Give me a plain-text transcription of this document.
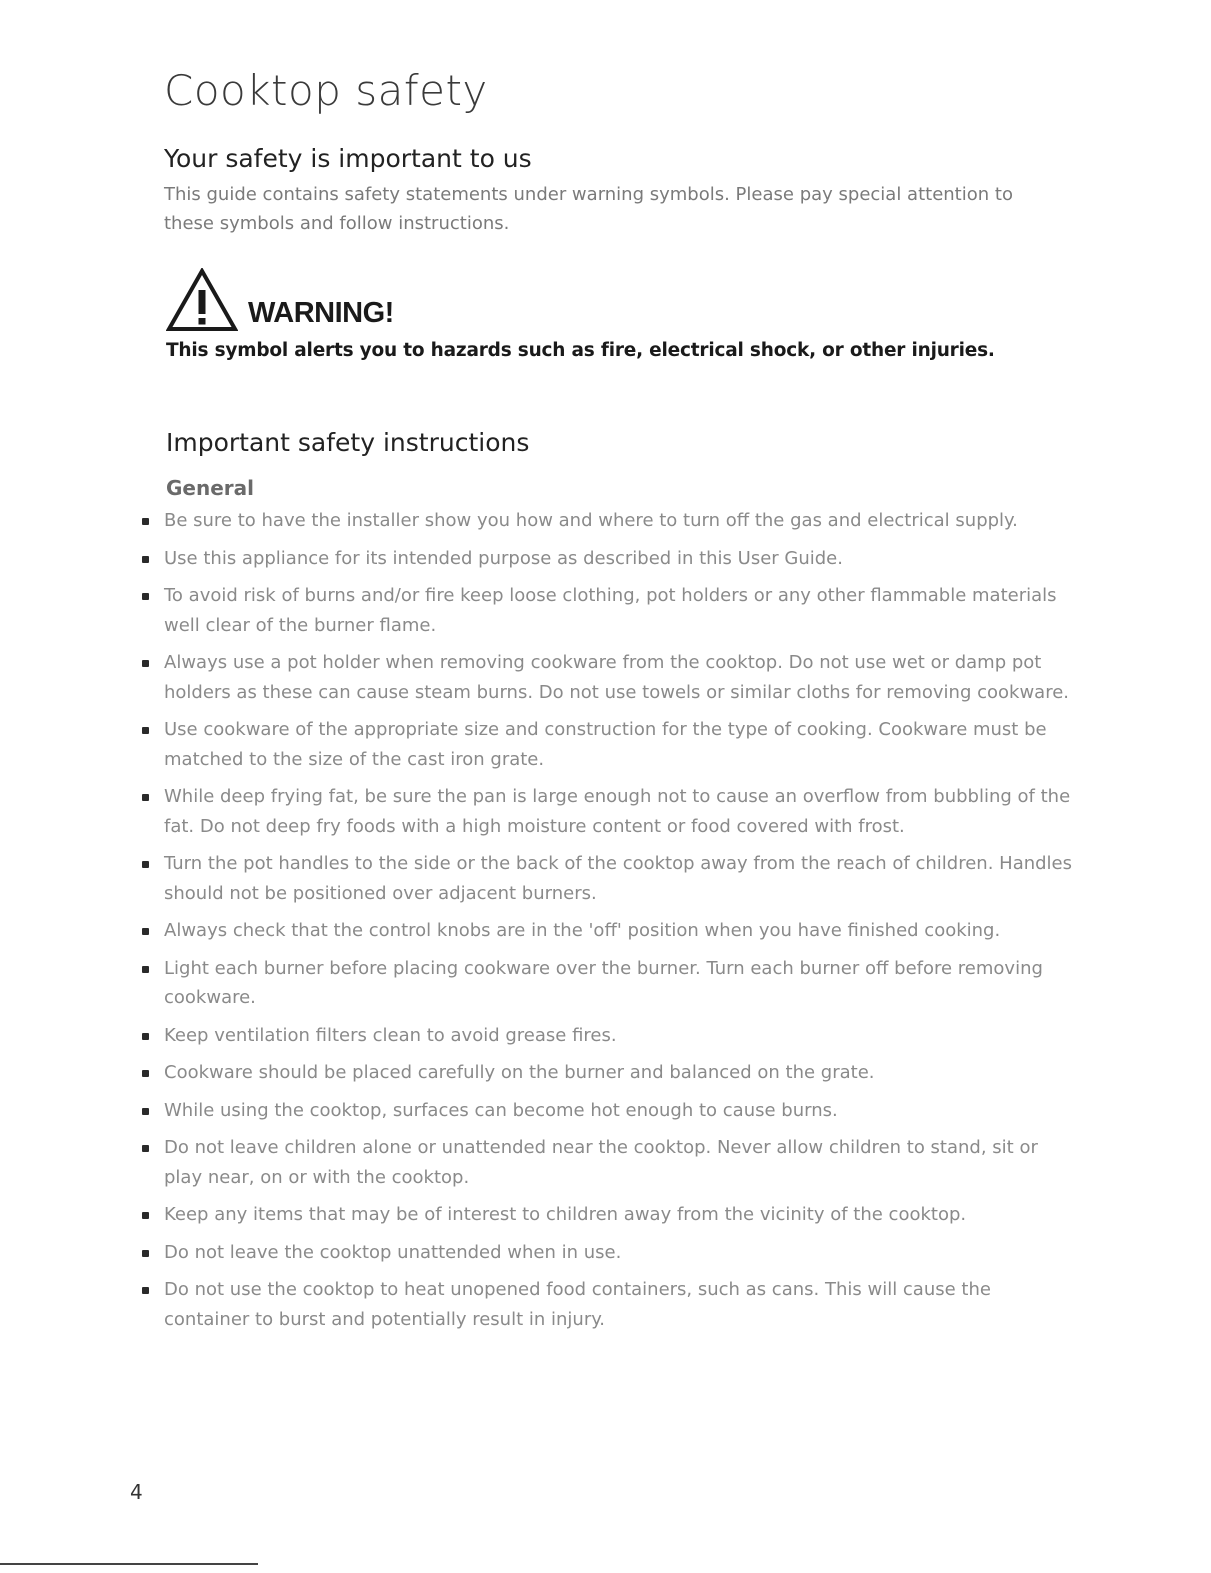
Cooktop safety
Your safety is important to us

This guide contains safety statements under warning symbols. Please pay special attention to these symbols and follow instructions.

WARNING!

This symbol alerts you to hazards such as fire, electrical shock, or other injuries.

Important safety instructions
General
Be sure to have the installer show you how and where to turn off the gas and electrical supply.
Use this appliance for its intended purpose as described in this User Guide.
To avoid risk of burns and/or fire keep loose clothing, pot holders or any other flammable materials well clear of the burner flame.
Always use a pot holder when removing cookware from the cooktop. Do not use wet or damp pot holders as these can cause steam burns. Do not use towels or similar cloths for removing cookware.
Use cookware of the appropriate size and construction for the type of cooking. Cookware must be matched to the size of the cast iron grate.
While deep frying fat, be sure the pan is large enough not to cause an overflow from bubbling of the fat. Do not deep fry foods with a high moisture content or food covered with frost.
Turn the pot handles to the side or the back of the cooktop away from the reach of children. Handles should not be positioned over adjacent burners.
Always check that the control knobs are in the 'off' position when you have finished cooking.
Light each burner before placing cookware over the burner. Turn each burner off before removing cookware.
Keep ventilation filters clean to avoid grease fires.
Cookware should be placed carefully on the burner and balanced on the grate.
While using the cooktop, surfaces can become hot enough to cause burns.
Do not leave children alone or unattended near the cooktop. Never allow children to stand, sit or play near, on or with the cooktop.
Keep any items that may be of interest to children away from the vicinity of the cooktop.
Do not leave the cooktop unattended when in use.
Do not use the cooktop to heat unopened food containers, such as cans. This will cause the container to burst and potentially result in injury.

4
